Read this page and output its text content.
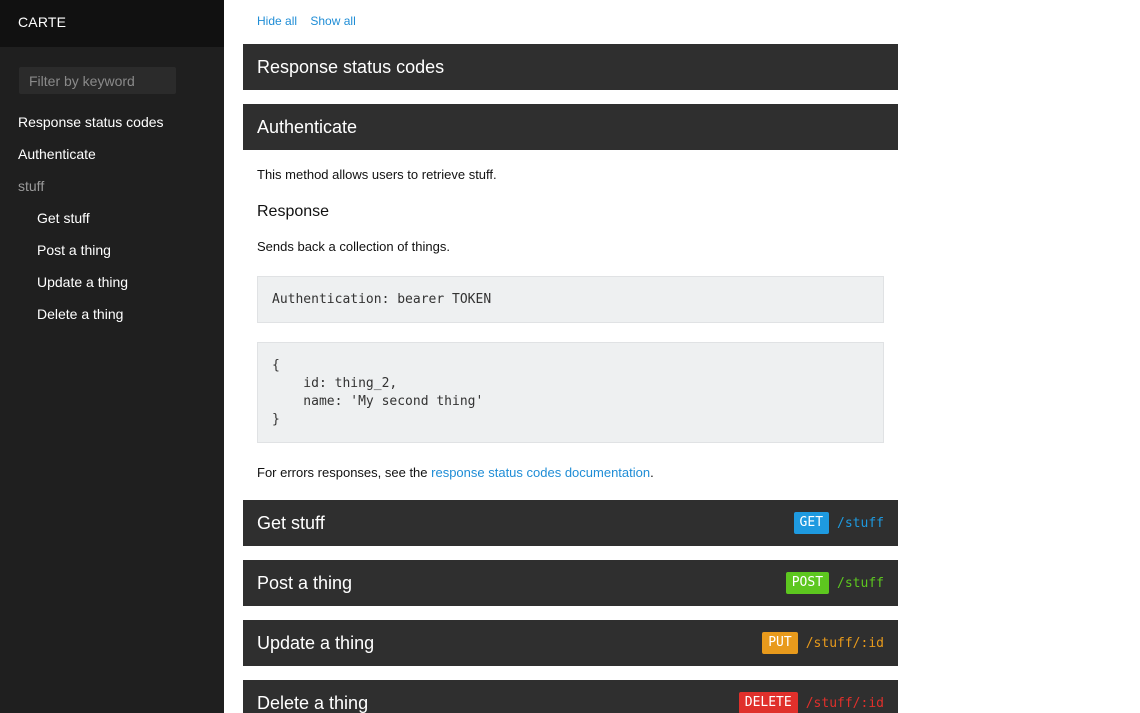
CARTE
Filter by keyword
Response status codes
Authenticate
stuff
Get stuff
Post a thing
Update a thing
Delete a thing
Hide all Show all
Response status codes
Authenticate

This method allows users to retrieve stuff.

Response

Sends back a collection of things.

Authentication: bearer TOKEN
{
id: thing_2,
name: 'My second thing'
}

For errors responses, see the response status codes documentation.

Get stuff	GET	/stuff
Post a thing	POST	/stuff
Update a thing	PUT	/stuff/:id
Delete a thing	DELETE	/stuff/:id
